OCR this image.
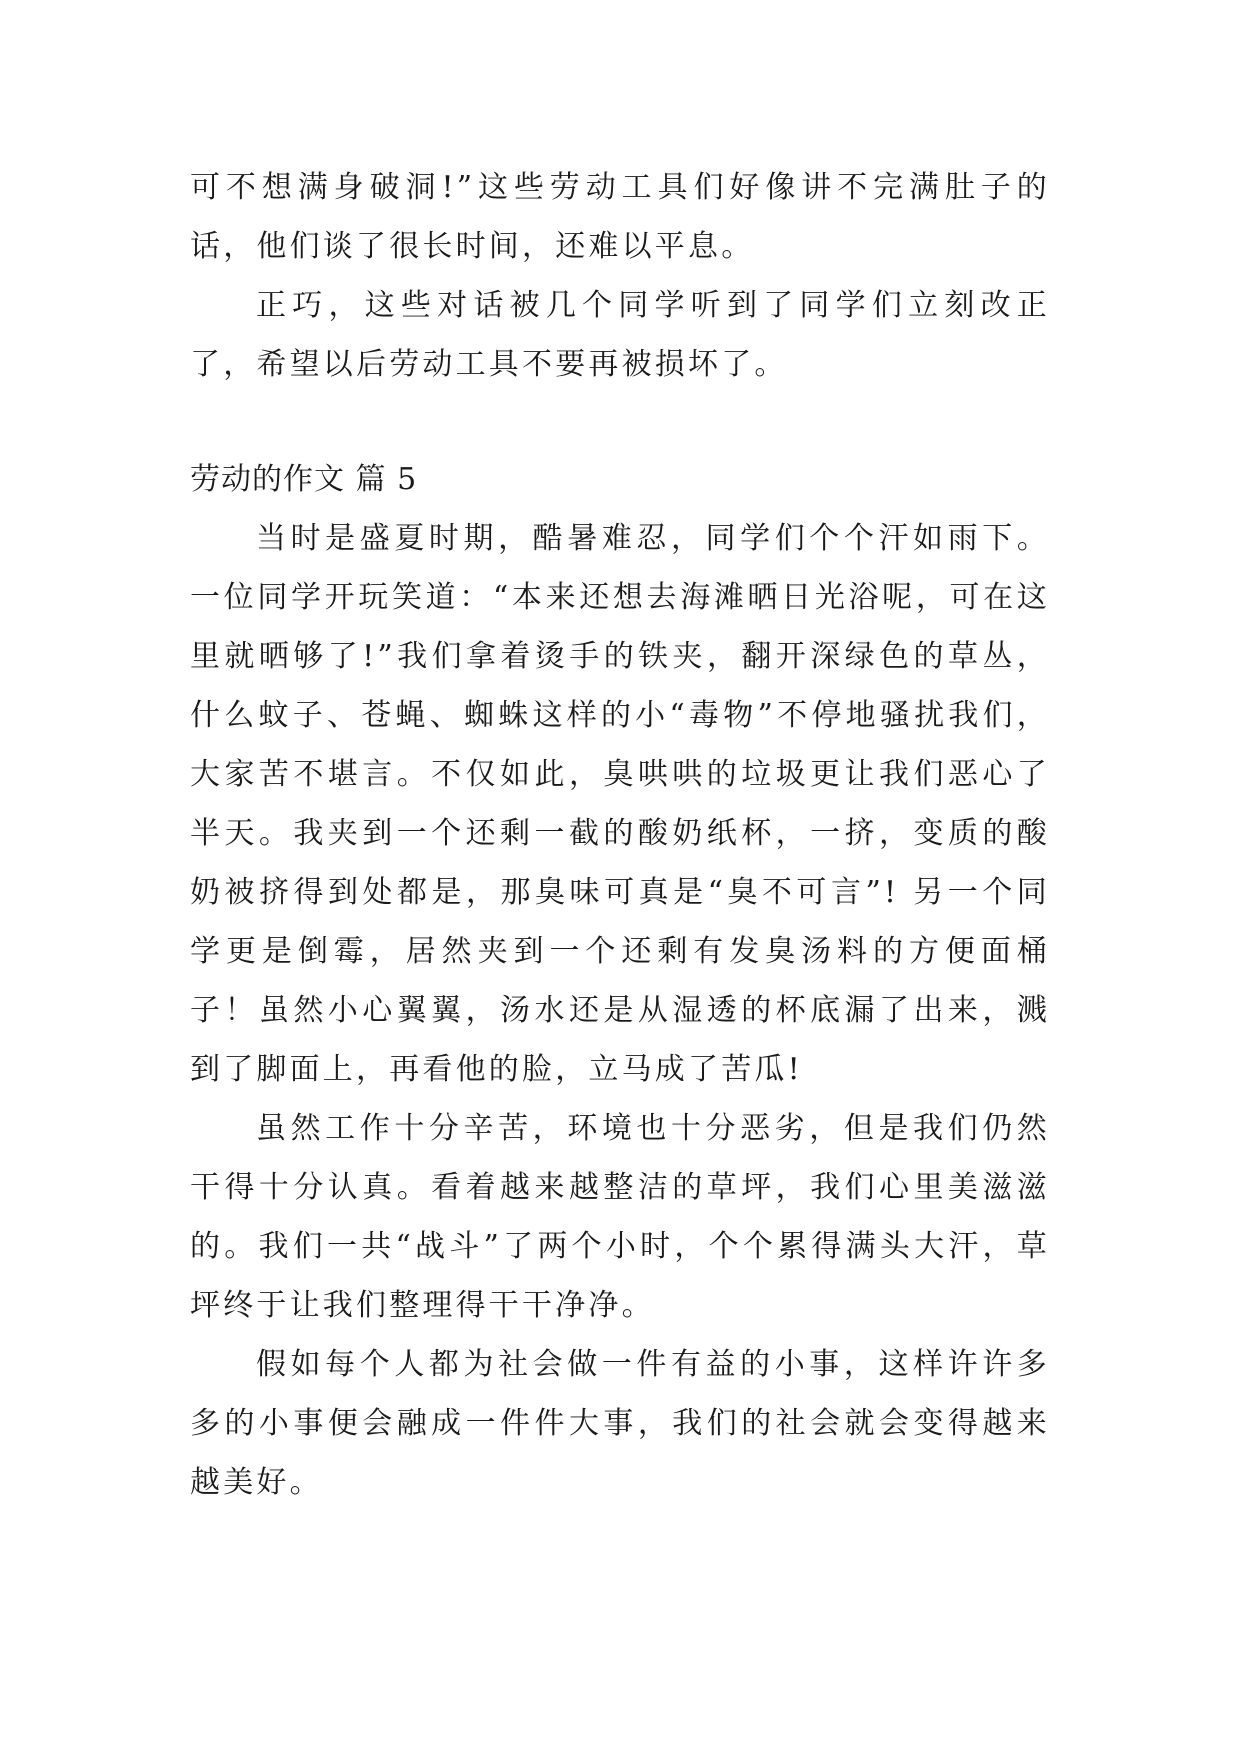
可不想满身破洞!”这些劳动工具们好像讲不完满肚子的话，他们谈了很长时间，还难以平息。

正巧，这些对话被几个同学听到了同学们立刻改正了，希望以后劳动工具不要再被损坏了。

劳动的作文 篇 5

当时是盛夏时期，酷暑难忍，同学们个个汗如雨下。一位同学开玩笑道：“本来还想去海滩晒日光浴呢，可在这里就晒够了!”我们拿着烫手的铁夹，翻开深绿色的草丛，什么蚊子、苍蝇、蜘蛛这样的小“毒物”不停地骚扰我们，大家苦不堪言。不仅如此，臭哄哄的垃圾更让我们恶心了半天。我夹到一个还剩一截的酸奶纸杯，一挤，变质的酸奶被挤得到处都是，那臭味可真是“臭不可言”! 另一个同学更是倒霉，居然夹到一个还剩有发臭汤料的方便面桶子！虽然小心翼翼，汤水还是从湿透的杯底漏了出来，溅到了脚面上，再看他的脸，立马成了苦瓜!

虽然工作十分辛苦，环境也十分恶劣，但是我们仍然干得十分认真。看着越来越整洁的草坪，我们心里美滋滋的。我们一共“战斗”了两个小时，个个累得满头大汗，草坪终于让我们整理得干干净净。

假如每个人都为社会做一件有益的小事，这样许许多多的小事便会融成一件件大事，我们的社会就会变得越来越美好。
